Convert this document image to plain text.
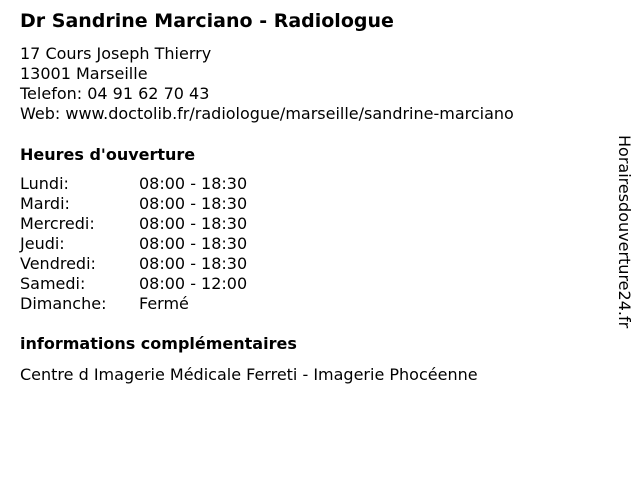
Dr Sandrine Marciano - Radiologue
17 Cours Joseph Thierry
13001 Marseille
Telefon: 04 91 62 70 43
Web: www.doctolib.fr/radiologue/marseille/sandrine-marciano
Heures d'ouverture
Lundi:	08:00 - 18:30
Mardi:	08:00 - 18:30
Mercredi:	08:00 - 18:30
Jeudi:	08:00 - 18:30
Vendredi:	08:00 - 18:30
Samedi:	08:00 - 12:00
Dimanche: Fermé
informations complémentaires
Centre d Imagerie Médicale Ferreti - Imagerie Phocéenne
Horairesdouverture24.fr
